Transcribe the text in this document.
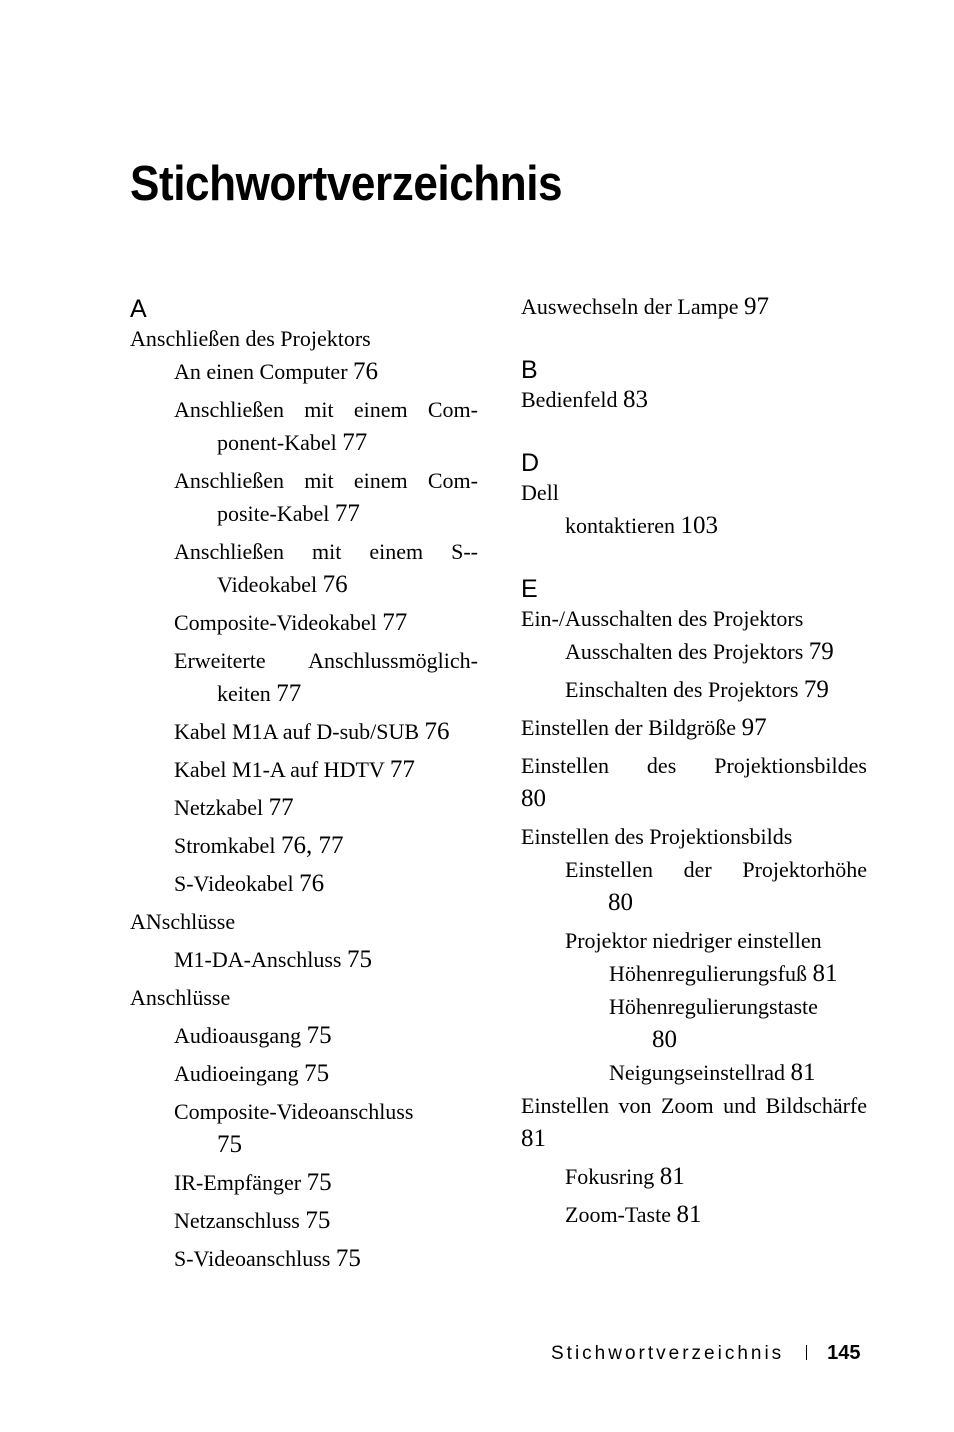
Stichwortverzeichnis
A
Anschließen des Projektors
An einen Computer 76
Anschließen mit einem Component-Kabel 77
Anschließen mit einem Composite-Kabel 77
Anschließen mit einem S-Videokabel 76
Composite-Videokabel 77
Erweiterte Anschlussmöglichkeiten 77
Kabel M1A auf D-sub/SUB 76
Kabel M1-A auf HDTV 77
Netzkabel 77
Stromkabel 76, 77
S-Videokabel 76
ANschlüsse
M1-DA-Anschluss 75
Anschlüsse
Audioausgang 75
Audioeingang 75
Composite-Videoanschluss
75
IR-Empfänger 75
Netzanschluss 75
S-Videoanschluss 75
Auswechseln der Lampe 97
B
Bedienfeld 83
D
Dell
kontaktieren 103
E
Ein-/Ausschalten des Projektors
Ausschalten des Projektors 79
Einschalten des Projektors 79
Einstellen der Bildgröße 97
Einstellen des Projektionsbildes
80
Einstellen des Projektionsbilds
Einstellen der Projektorhöhe
80
Projektor niedriger einstellen
Höhenregulierungsfuß 81
Höhenregulierungstaste
80
Neigungseinstellrad 81
Einstellen von Zoom und Bildschärfe 81
Fokusring 81
Zoom-Taste 81
Stichwortverzeichnis 145
